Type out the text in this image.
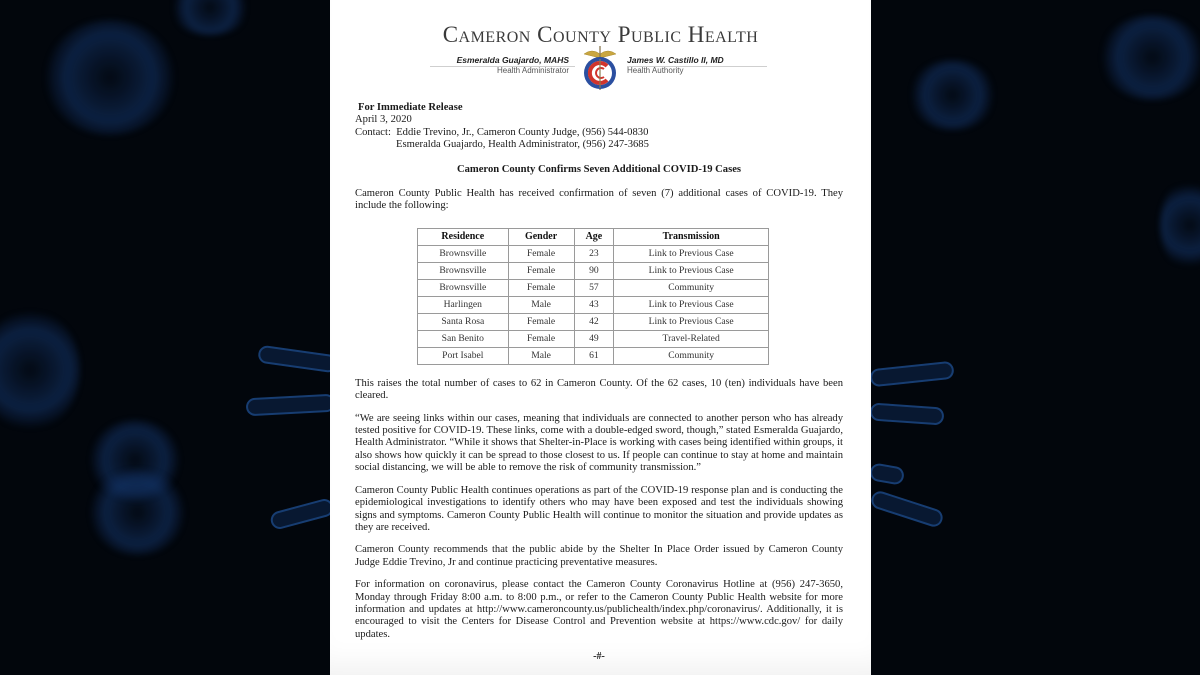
Cameron County Public Health
Esmeralda Guajardo, MAHS
Health Administrator
James W. Castillo II, MD
Health Authority
For Immediate Release
April 3, 2020
Contact:  Eddie Trevino, Jr., Cameron County Judge, (956) 544-0830
Esmeralda Guajardo, Health Administrator, (956) 247-3685
Cameron County Confirms Seven Additional COVID-19 Cases

Cameron County Public Health has received confirmation of seven (7) additional cases of COVID-19. They include the following:

Residence	Gender	Age	Transmission
Brownsville	Female	23	Link to Previous Case
Brownsville	Female	90	Link to Previous Case
Brownsville	Female	57	Community
Harlingen	Male	43	Link to Previous Case
Santa Rosa	Female	42	Link to Previous Case
San Benito	Female	49	Travel-Related
Port Isabel	Male	61	Community

This raises the total number of cases to 62 in Cameron County. Of the 62 cases, 10 (ten) individuals have been cleared.

“We are seeing links within our cases, meaning that individuals are connected to another person who has already tested positive for COVID-19. These links, come with a double-edged sword, though,” stated Esmeralda Guajardo, Health Administrator. “While it shows that Shelter-in-Place is working with cases being identified within groups, it also shows how quickly it can be spread to those closest to us. If people can continue to stay at home and maintain social distancing, we will be able to remove the risk of community transmission.”

Cameron County Public Health continues operations as part of the COVID-19 response plan and is conducting the epidemiological investigations to identify others who may have been exposed and test the individuals showing signs and symptoms. Cameron County Public Health will continue to monitor the situation and provide updates as they are received.

Cameron County recommends that the public abide by the Shelter In Place Order issued by Cameron County Judge Eddie Trevino, Jr and continue practicing preventative measures.

For information on coronavirus, please contact the Cameron County Coronavirus Hotline at (956) 247-3650, Monday through Friday 8:00 a.m. to 8:00 p.m., or refer to the Cameron County Public Health website for more information and updates at http://www.cameroncounty.us/publichealth/index.php/coronavirus/. Additionally, it is encouraged to visit the Centers for Disease Control and Prevention website at https://www.cdc.gov/ for daily updates.

-#-
